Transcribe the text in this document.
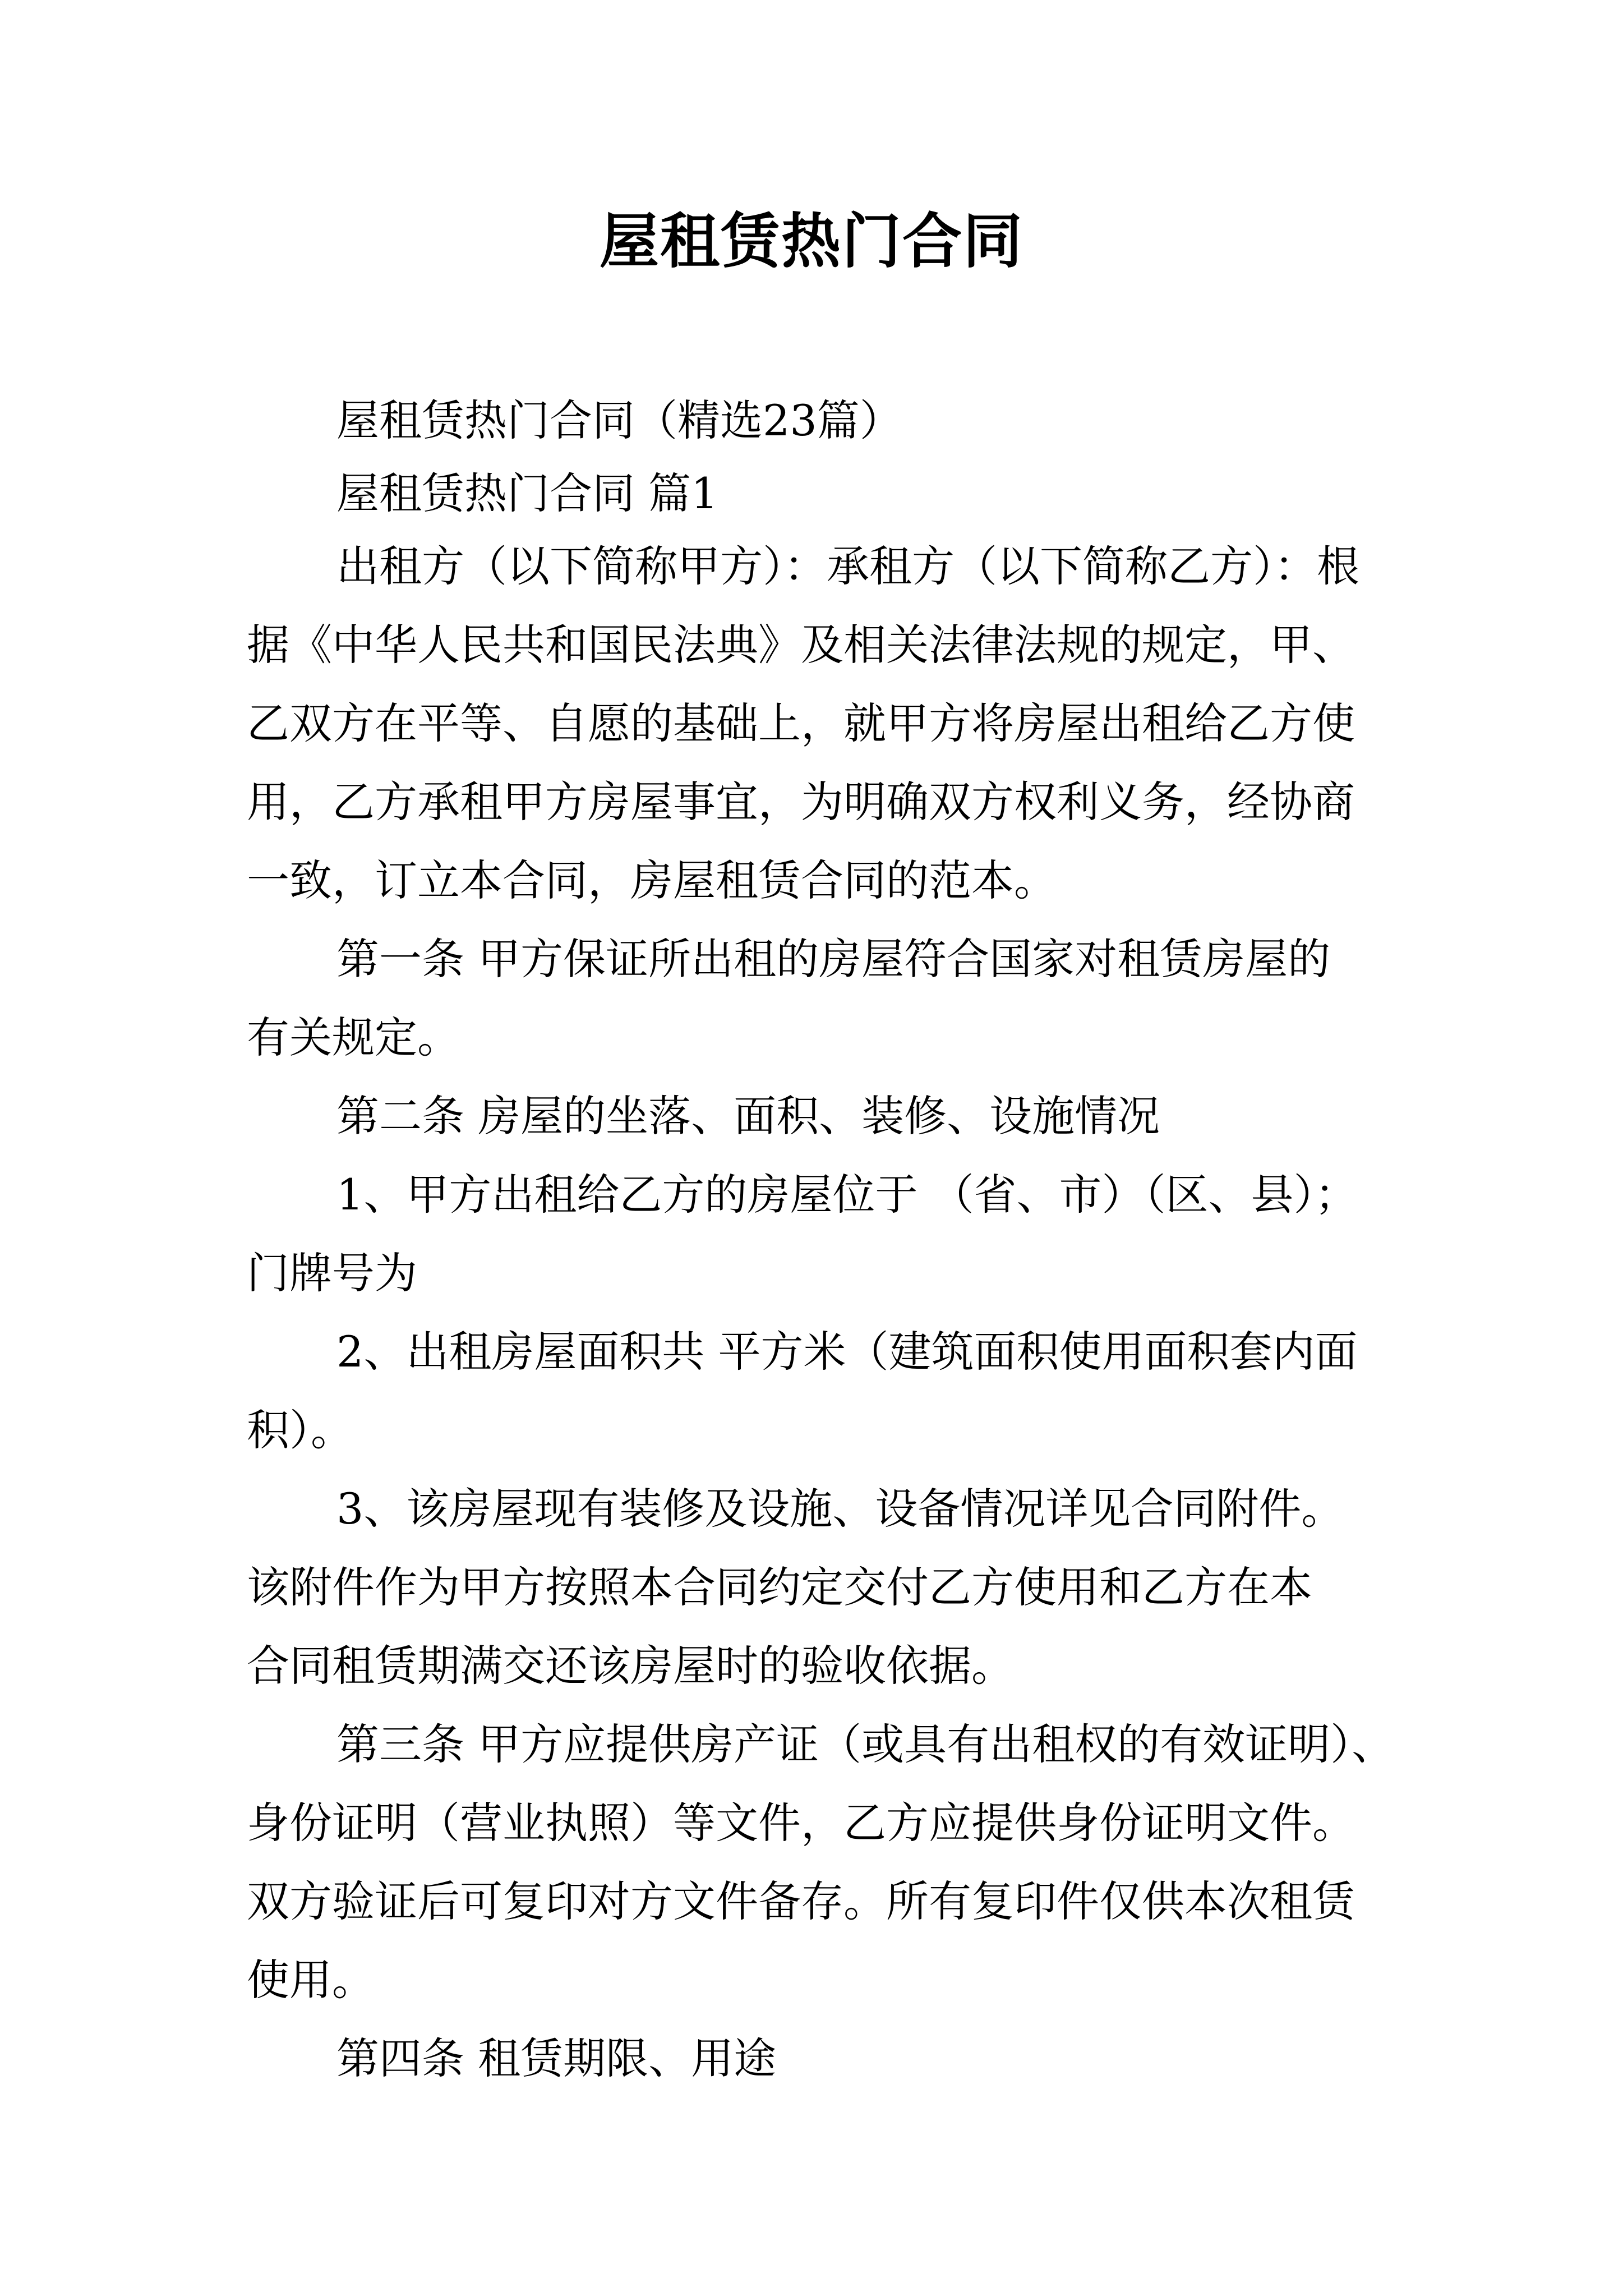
屋租赁热门合同
屋租赁热门合同（精选23篇）
屋租赁热门合同 篇1
出租方（以下简称甲方）：承租方（以下简称乙方）：根
据《中华人民共和国民法典》及相关法律法规的规定，甲、
乙双方在平等、自愿的基础上，就甲方将房屋出租给乙方使
用，乙方承租甲方房屋事宜，为明确双方权利义务，经协商
一致，订立本合同，房屋租赁合同的范本。
第一条 甲方保证所出租的房屋符合国家对租赁房屋的
有关规定。
第二条 房屋的坐落、面积、装修、设施情况
1、甲方出租给乙方的房屋位于 （省、市）（区、县）；
门牌号为
2、出租房屋面积共 平方米（建筑面积使用面积套内面
积）。
3、该房屋现有装修及设施、设备情况详见合同附件。
该附件作为甲方按照本合同约定交付乙方使用和乙方在本
合同租赁期满交还该房屋时的验收依据。
第三条 甲方应提供房产证（或具有出租权的有效证明）、
身份证明（营业执照）等文件，乙方应提供身份证明文件。
双方验证后可复印对方文件备存。所有复印件仅供本次租赁
使用。
第四条 租赁期限、用途
